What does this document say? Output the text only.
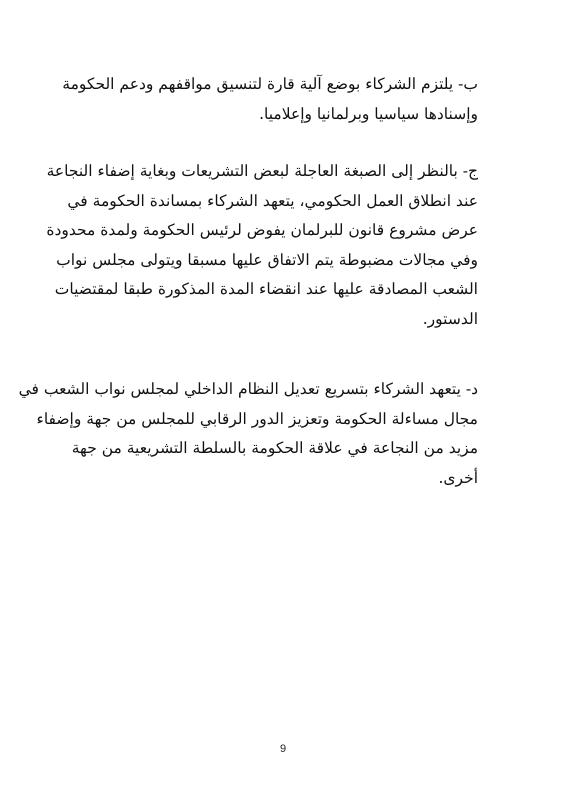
ب- يلتزم الشركاء بوضع آلية قارة لتنسيق مواقفهم ودعم الحكومة
وإسنادها سياسيا وبرلمانيا وإعلاميا.
ج- بالنظر إلى الصبغة العاجلة لبعض التشريعات وبغاية إضفاء النجاعة
عند انطلاق العمل الحكومي، يتعهد الشركاء بمساندة الحكومة في
عرض مشروع قانون للبرلمان يفوض لرئيس الحكومة ولمدة محدودة
وفي مجالات مضبوطة يتم الاتفاق عليها مسبقا ويتولى مجلس نواب
الشعب المصادقة عليها عند انقضاء المدة المذكورة طبقا لمقتضيات
الدستور.
د- يتعهد الشركاء بتسريع تعديل النظام الداخلي لمجلس نواب الشعب في
مجال مساءلة الحكومة وتعزيز الدور الرقابي للمجلس من جهة وإضفاء
مزيد من النجاعة في علاقة الحكومة بالسلطة التشريعية من جهة
أخرى.
9
